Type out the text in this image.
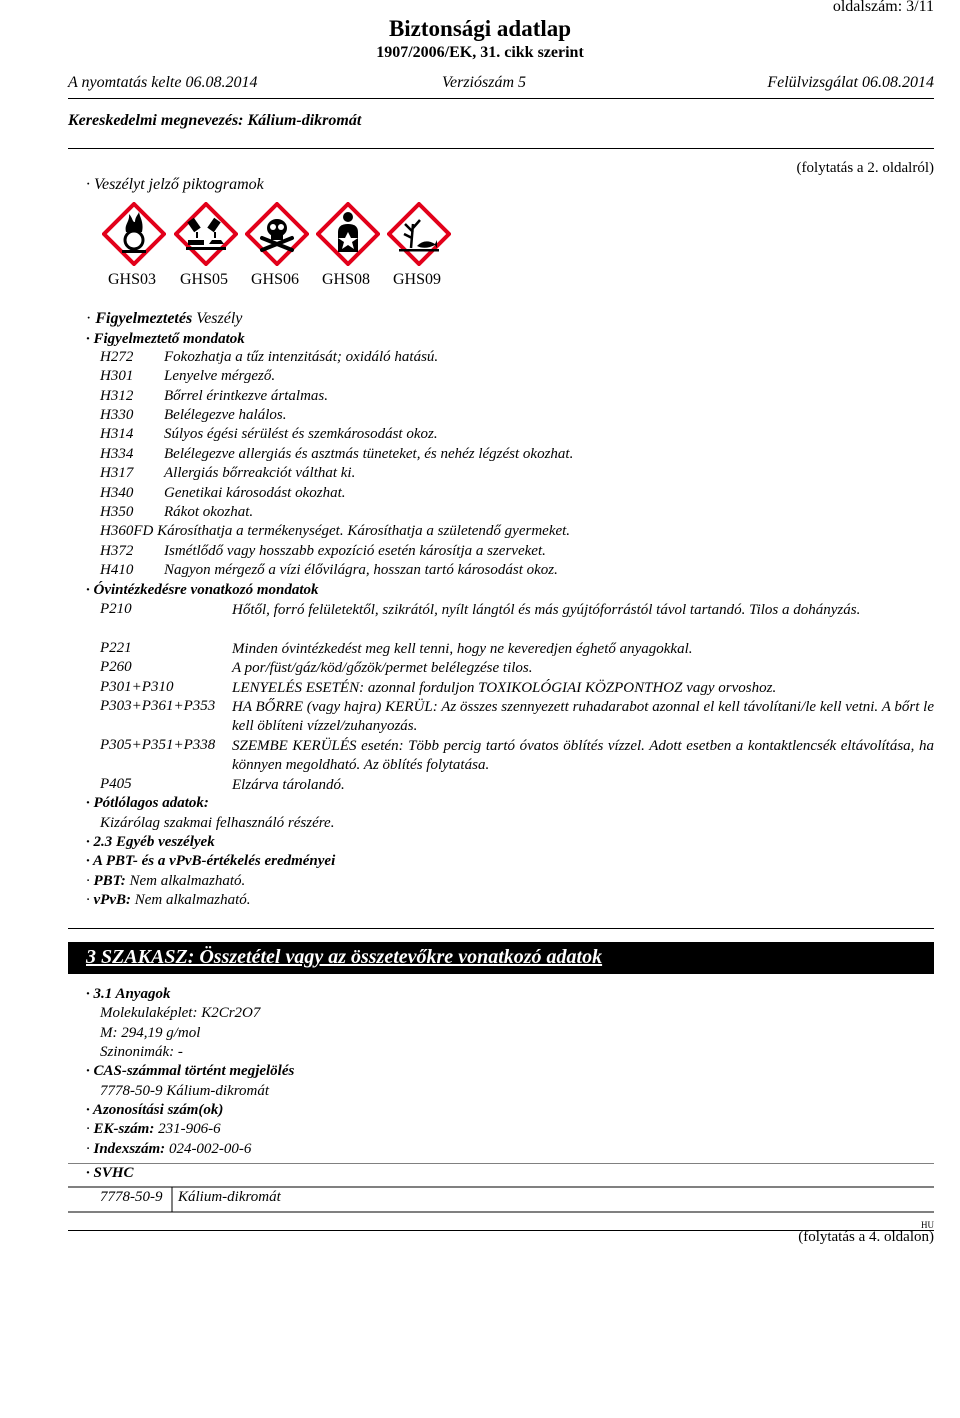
oldalszám: 3/11
Biztonsági adatlap
1907/2006/EK, 31. cikk szerint
A nyomtatás kelte 06.08.2014	Verziószám 5	Felülvizsgálat 06.08.2014
Kereskedelmi megnevezés: Kálium-dikromát
(folytatás a 2. oldalról)
· Veszélyt jelző piktogramok
GHS03 GHS05 GHS06 GHS08 GHS09
· Figyelmeztetés Veszély
· Figyelmeztető mondatok
H272 Fokozhatja a tűz intenzitását; oxidáló hatású.
H301 Lenyelve mérgező.
H312 Bőrrel érintkezve ártalmas.
H330 Belélegezve halálos.
H314 Súlyos égési sérülést és szemkárosodást okoz.
H334 Belélegezve allergiás és asztmás tüneteket, és nehéz légzést okozhat.
H317 Allergiás bőrreakciót válthat ki.
H340 Genetikai károsodást okozhat.
H350 Rákot okozhat.
H360FD Károsíthatja a termékenységet. Károsíthatja a születendő gyermeket.
H372 Ismétlődő vagy hosszabb expozíció esetén károsítja a szerveket.
H410 Nagyon mérgező a vízi élővilágra, hosszan tartó károsodást okoz.
· Óvintézkedésre vonatkozó mondatok
P210	Hőtől, forró felületektől, szikrától, nyílt lángtól és más gyújtóforrástól távol tartandó. Tilos a dohányzás.
P221	Minden óvintézkedést meg kell tenni, hogy ne keveredjen éghető anyagokkal.
P260	A por/füst/gáz/köd/gőzök/permet belélegzése tilos.
P301+P310	LENYELÉS ESETÉN: azonnal forduljon TOXIKOLÓGIAI KÖZPONTHOZ vagy orvoshoz.
P303+P361+P353 HA BŐRRE (vagy hajra) KERÜL: Az összes szennyezett ruhadarabot azonnal el kell távolítani/le kell vetni. A bőrt le kell öblíteni vízzel/zuhanyozás.
P305+P351+P338 SZEMBE KERÜLÉS esetén: Több percig tartó óvatos öblítés vízzel. Adott esetben a kontaktlencsék eltávolítása, ha könnyen megoldható. Az öblítés folytatása.
P405	Elzárva tárolandó.
· Pótlólagos adatok:
Kizárólag szakmai felhasználó részére.
· 2.3 Egyéb veszélyek
· A PBT- és a vPvB-értékelés eredményei
· PBT: Nem alkalmazható.
· vPvB: Nem alkalmazható.
3 SZAKASZ: Összetétel vagy az összetevőkre vonatkozó adatok
· 3.1 Anyagok
Molekulaképlet: K2Cr2O7
M: 294,19 g/mol
Szinonimák: -
· CAS-számmal történt megjelölés
7778-50-9 Kálium-dikromát
· Azonosítási szám(ok)
· EK-szám: 231-906-6
· Indexszám: 024-002-00-6
· SVHC
7778-50-9 Kálium-dikromát
HU
(folytatás a 4. oldalon)
